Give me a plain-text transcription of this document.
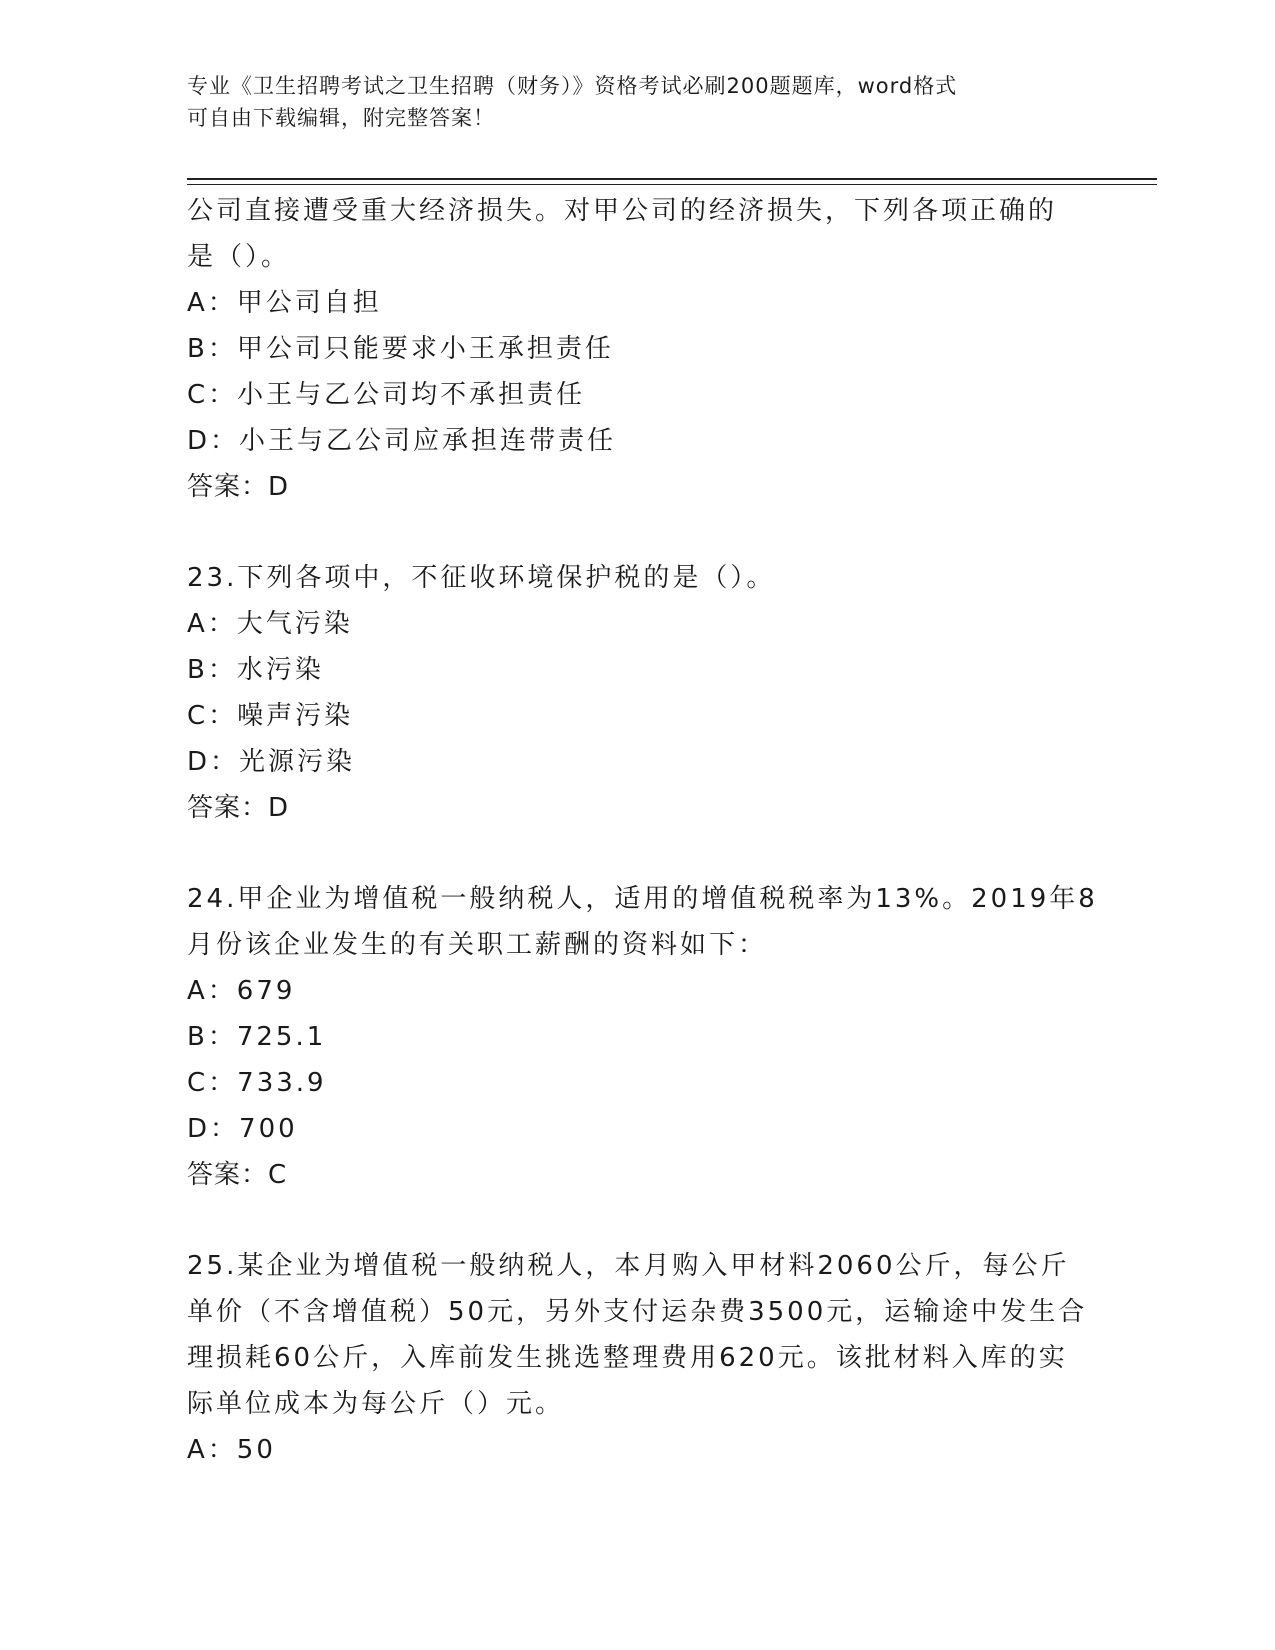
专业《卫生招聘考试之卫生招聘（财务）》资格考试必刷200题题库，word格式
可自由下载编辑，附完整答案！
公司直接遭受重大经济损失。对甲公司的经济损失，下列各项正确的
是（）。
A：甲公司自担
B：甲公司只能要求小王承担责任
C：小王与乙公司均不承担责任
D：小王与乙公司应承担连带责任
答案：D
23.下列各项中，不征收环境保护税的是（）。
A：大气污染
B：水污染
C：噪声污染
D：光源污染
答案：D
24.甲企业为增值税一般纳税人，适用的增值税税率为13%。2019年8
月份该企业发生的有关职工薪酬的资料如下：
A：679
B：725.1
C：733.9
D：700
答案：C
25.某企业为增值税一般纳税人，本月购入甲材料2060公斤，每公斤
单价（不含增值税）50元，另外支付运杂费3500元，运输途中发生合
理损耗60公斤，入库前发生挑选整理费用620元。该批材料入库的实
际单位成本为每公斤（）元。
A：50
